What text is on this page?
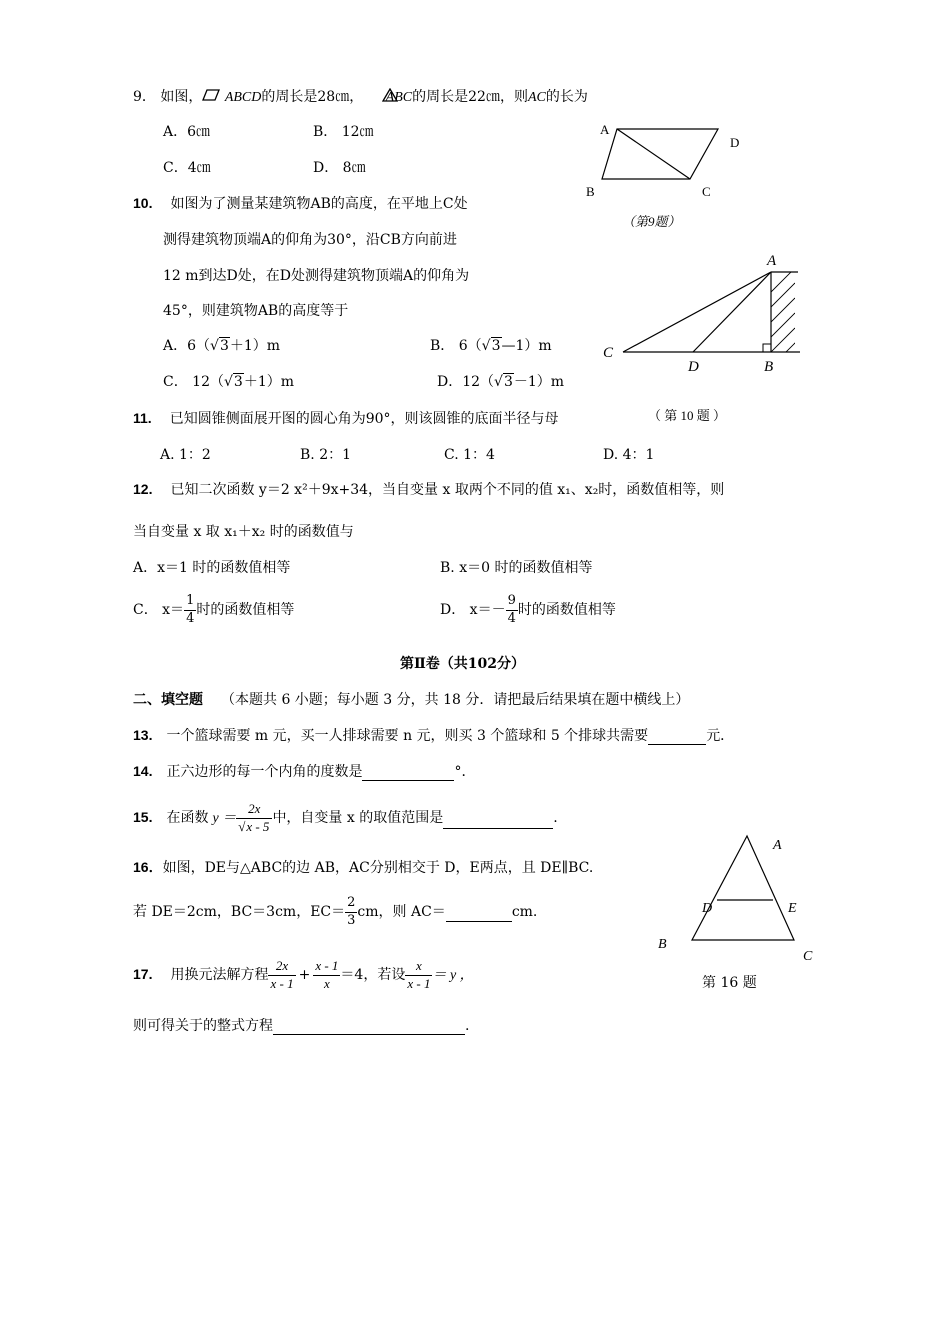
9． 如图， ABCD的周长是28㎝， ABC的周长是22㎝，则AC的长为
A．6㎝	B． 12㎝
C．4㎝	D． 8㎝
A
D
B	C
（第9题）
10. 如图为了测量某建筑物AB的高度，在平地上C处
测得建筑物顶端A的仰角为30°，沿CB方向前进
12 m到达D处，在D处测得建筑物顶端A的仰角为
45°，则建筑物AB的高度等于
A．6（√3＋1）m	B． 6（√3—1）m
C． 12（√3＋1）m	D．12（√3－1）m
A
C
D	B
（ 第 10 题 ）
11. 已知圆锥侧面展开图的圆心角为90°，则该圆锥的底面半径与母
A. 1：2	B. 2：1	C. 1：4	D. 4：1
12. 已知二次函数 y＝2 x²＋9x+34，当自变量 x 取两个不同的值 x₁、x₂时，函数值相等，则
当自变量 x 取 x₁＋x₂ 时的函数值与
A．x＝1 时的函数值相等	B. x＝0 时的函数值相等
C． $x= \frac{1}{4}$ 时的函数值相等	D． $x=- \frac{9}{4}$ 时的函数值相等
第Ⅱ卷（共102分）
二、填空题 （本题共 6 小题；每小题 3 分，共 18 分．请把最后结果填在题中横线上）
13. 一个篮球需要 m 元，买一人排球需要 n 元，则买 3 个篮球和 5 个排球共需要	元．
14. 正六边形的每一个内角的度数是	°．
15. 在函数 $y = \frac{2x}{√x - 5}$ 中，自变量 x 的取值范围是	.
16．如图，DE与△ABC的边 AB，AC分别相交于 D，E两点，且 DE∥BC.
若 DE＝2cm，BC＝3cm，$EC= \frac{2}{3}$ cm，则 AC＝	cm.
A
D	E
B
C
第 16 题
17. 用换元法解方程 $\frac{2x}{x - 1} + \frac{x - 1}{x} =4$，若设 $\frac{x}{x - 1} = y$ ，
则可得关于的整式方程	.
